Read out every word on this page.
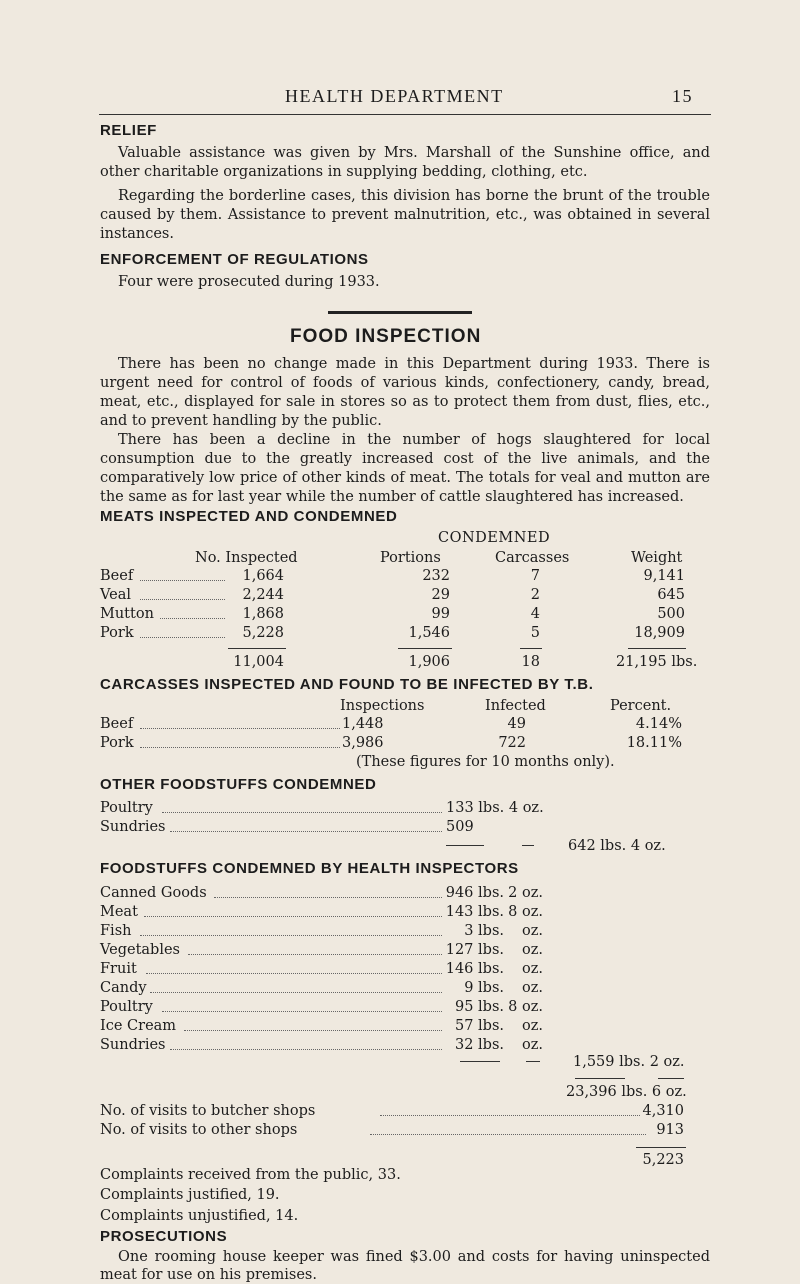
HEALTH DEPARTMENT	15
RELIEF
Valuable assistance was given by Mrs. Marshall of the Sunshine office, and other charitable organizations in supplying bedding, clothing, etc.
Regarding the borderline cases, this division has borne the brunt of the trouble caused by them. Assistance to prevent malnutrition, etc., was obtained in several instances.
ENFORCEMENT OF REGULATIONS
Four were prosecuted during 1933.
FOOD INSPECTION
There has been no change made in this Department during 1933. There is urgent need for control of foods of various kinds, confectionery, candy, bread, meat, etc., displayed for sale in stores so as to protect them from dust, flies, etc., and to prevent handling by the public.
There has been a decline in the number of hogs slaughtered for local consumption due to the greatly increased cost of the live animals, and the comparatively low price of other kinds of meat. The totals for veal and mutton are the same as for last year while the number of cattle slaughtered has increased.
MEATS INSPECTED AND CONDEMNED
CONDEMNED
No. Inspected	Portions	Carcasses	Weight
Beef	1,664	232	7	9,141
Veal	2,244	29	2	645
Mutton	1,868	99	4	500
Pork	5,228	1,546	5	18,909
11,004	1,906	18	21,195 lbs.
CARCASSES INSPECTED AND FOUND TO BE INFECTED BY T.B.
Inspections	Infected	Percent.
Beef	1,448	49	4.14%
Pork	3,986	722	18.11%
(These figures for 10 months only).
OTHER FOODSTUFFS CONDEMNED
Poultry	133 lbs. 4 oz.
Sundries	509
642 lbs. 4 oz.
FOODSTUFFS CONDEMNED BY HEALTH INSPECTORS
Canned Goods	946 lbs. 2 oz.
Meat	143 lbs. 8 oz.
Fish	3 lbs.	oz.
Vegetables	127 lbs.	oz.
Fruit	146 lbs.	oz.
Candy	9 lbs.	oz.
Poultry	95 lbs. 8 oz.
Ice Cream	57 lbs.	oz.
Sundries	32 lbs.	oz.
1,559 lbs. 2 oz.
23,396 lbs. 6 oz.
No. of visits to butcher shops	4,310
No. of visits to other shops	913
5,223
Complaints received from the public, 33.
Complaints justified, 19.
Complaints unjustified, 14.
PROSECUTIONS
One rooming house keeper was fined $3.00 and costs for having uninspected meat for use on his premises.
